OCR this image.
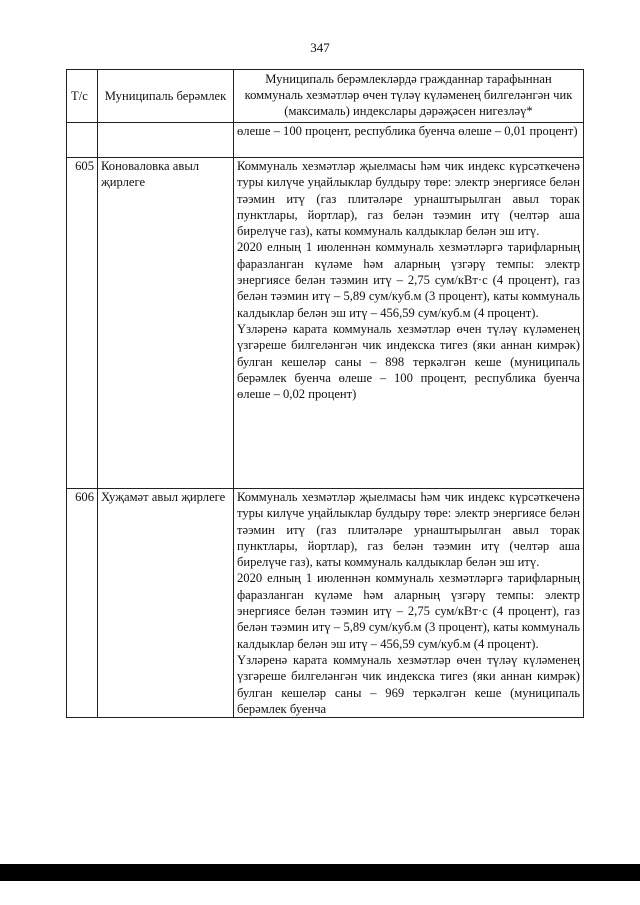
347
Т/с	Муниципаль берәмлек	Муниципаль берәмлекләрдә гражданнар тарафыннан коммуналь хезмәтләр өчен түләү күләменең билгеләнгән чик (максималь) индекслары дәрәҗәсен нигезләү*
		өлеше – 100 процент, республика буенча өлеше – 0,01 процент)
605	Коноваловка авыл җирлеге	Коммуналь хезмәтләр җыелмасы һәм чик индекс күрсәткеченә туры килүче уңайлыклар булдыру төре: электр энергиясе белән тәэмин итү (газ плитәләре урнаштырылган авыл торак пунктлары, йортлар), газ белән тәэмин итү (челтәр аша бирелүче газ), каты коммуналь калдыклар белән эш итү.

2020 елның 1 июленнән коммуналь хезмәтләргә тарифларның фаразланган күләме һәм аларның үзгәрү темпы: электр энергиясе белән тәэмин итү – 2,75 сум/кВт·с (4 процент), газ белән тәэмин итү – 5,89 сум/куб.м (3 процент), каты коммуналь калдыклар белән эш итү – 456,59 сум/куб.м (4 процент).

Үзләренә карата коммуналь хезмәтләр өчен түләү күләменең үзгәреше билгеләнгән чик индекска тигез (яки аннан кимрәк) булган кешеләр саны – 898 теркәлгән кеше (муниципаль берәмлек буенча өлеше – 100 процент, республика буенча өлеше – 0,02 процент)

606	Хуҗамәт авыл җирлеге	Коммуналь хезмәтләр җыелмасы һәм чик индекс күрсәткеченә туры килүче уңайлыклар булдыру төре: электр энергиясе белән тәэмин итү (газ плитәләре урнаштырылган авыл торак пунктлары, йортлар), газ белән тәэмин итү (челтәр аша бирелүче газ), каты коммуналь калдыклар белән эш итү.

2020 елның 1 июленнән коммуналь хезмәтләргә тарифларның фаразланган күләме һәм аларның үзгәрү темпы: электр энергиясе белән тәэмин итү – 2,75 сум/кВт·с (4 процент), газ белән тәэмин итү – 5,89 сум/куб.м (3 процент), каты коммуналь калдыклар белән эш итү – 456,59 сум/куб.м (4 процент).

Үзләренә карата коммуналь хезмәтләр өчен түләү күләменең үзгәреше билгеләнгән чик индекска тигез (яки аннан кимрәк) булган кешеләр саны – 969 теркәлгән кеше (муниципаль берәмлек буенча
